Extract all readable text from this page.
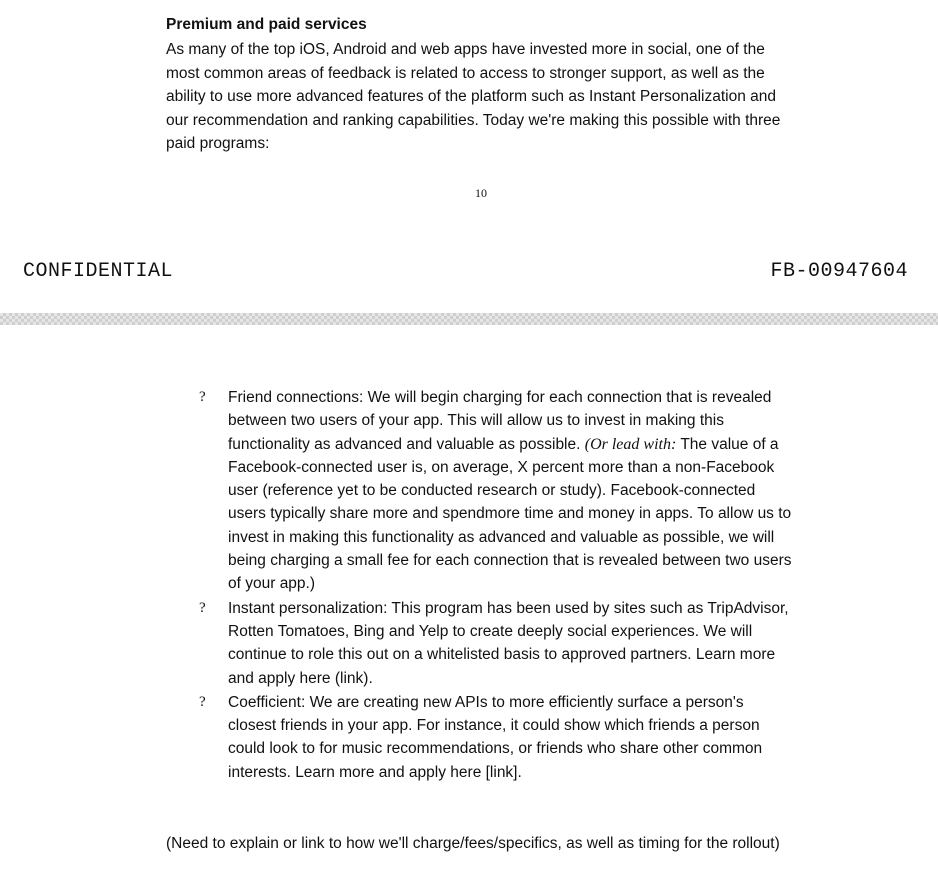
Premium and paid services
As many of the top iOS, Android and web apps have invested more in social, one of the most common areas of feedback is related to access to stronger support, as well as the ability to use more advanced features of the platform such as Instant Personalization and our recommendation and ranking capabilities. Today we're making this possible with three paid programs:
10
CONFIDENTIAL	FB-00947604
? Friend connections: We will begin charging for each connection that is revealed between two users of your app. This will allow us to invest in making this functionality as advanced and valuable as possible. (Or lead with: The value of a Facebook-connected user is, on average, X percent more than a non-Facebook user (reference yet to be conducted research or study). Facebook-connected users typically share more and spendmore time and money in apps. To allow us to invest in making this functionality as advanced and valuable as possible, we will being charging a small fee for each connection that is revealed between two users of your app.)
? Instant personalization: This program has been used by sites such as TripAdvisor, Rotten Tomatoes, Bing and Yelp to create deeply social experiences. We will continue to role this out on a whitelisted basis to approved partners. Learn more and apply here (link).
? Coefficient: We are creating new APIs to more efficiently surface a person's closest friends in your app. For instance, it could show which friends a person could look to for music recommendations, or friends who share other common interests. Learn more and apply here [link].
(Need to explain or link to how we'll charge/fees/specifics, as well as timing for the rollout)
